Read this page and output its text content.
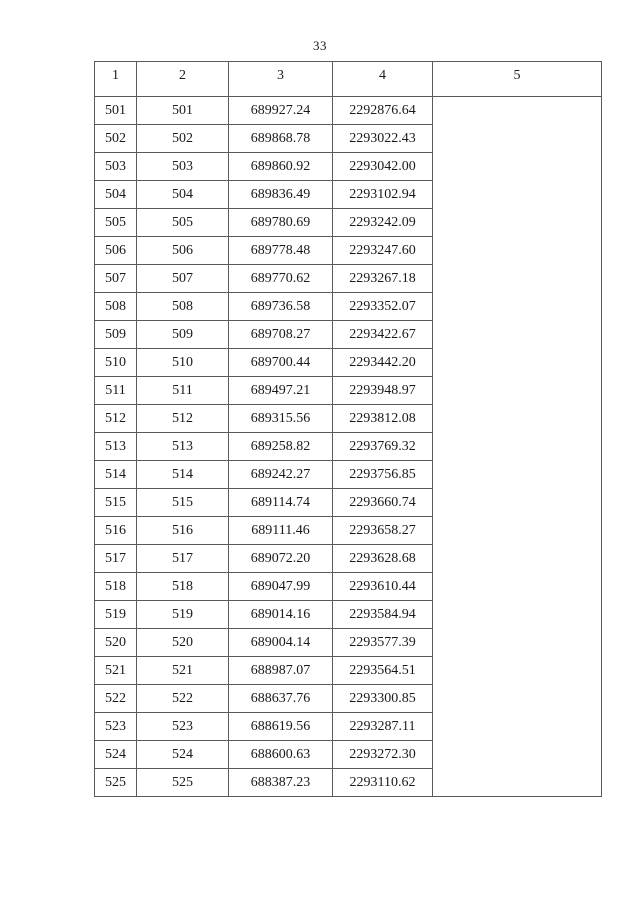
33
1	2	3	4	5
501	501	689927.24	2292876.64	
502	502	689868.78	2293022.43	
503	503	689860.92	2293042.00	
504	504	689836.49	2293102.94	
505	505	689780.69	2293242.09	
506	506	689778.48	2293247.60	
507	507	689770.62	2293267.18	
508	508	689736.58	2293352.07	
509	509	689708.27	2293422.67	
510	510	689700.44	2293442.20	
511	511	689497.21	2293948.97	
512	512	689315.56	2293812.08	
513	513	689258.82	2293769.32	
514	514	689242.27	2293756.85	
515	515	689114.74	2293660.74	
516	516	689111.46	2293658.27	
517	517	689072.20	2293628.68	
518	518	689047.99	2293610.44	
519	519	689014.16	2293584.94	
520	520	689004.14	2293577.39	
521	521	688987.07	2293564.51	
522	522	688637.76	2293300.85	
523	523	688619.56	2293287.11	
524	524	688600.63	2293272.30	
525	525	688387.23	2293110.62	
